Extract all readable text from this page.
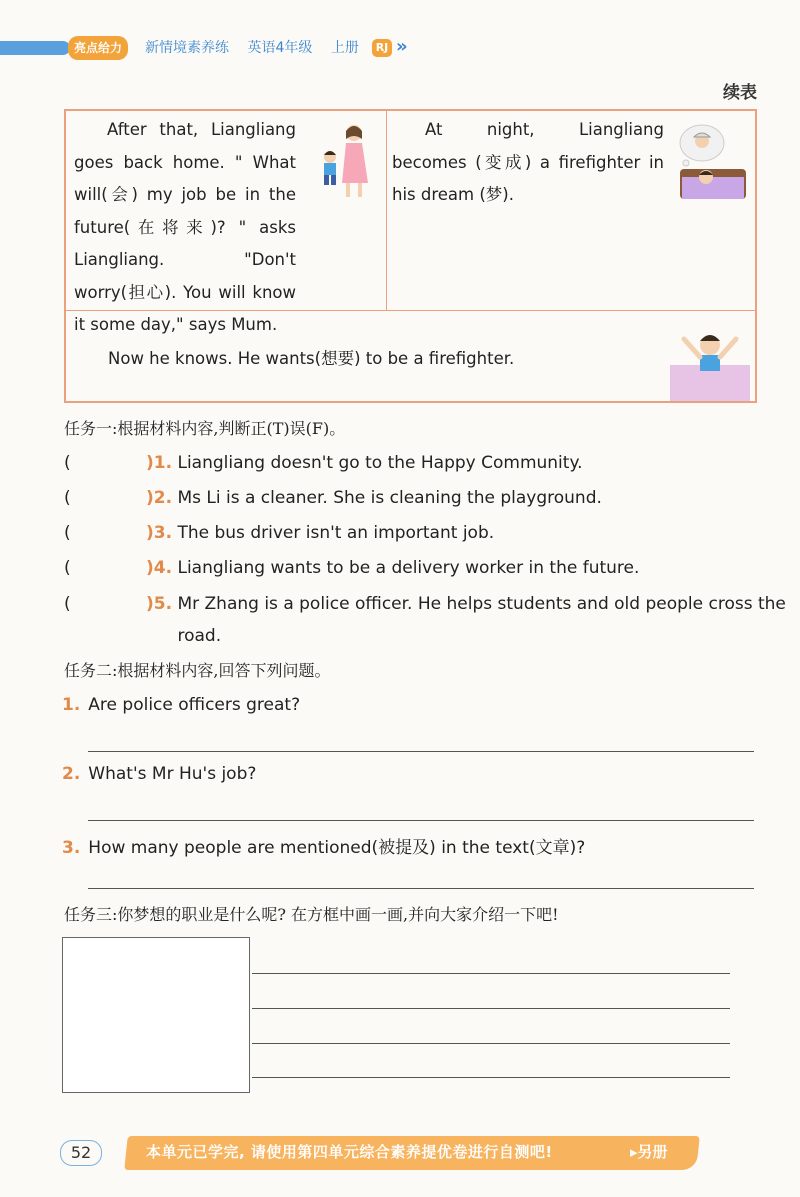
亮点给力	新情境素养练 英语4年级 上册	RJ »
续表
After that, Liangliang goes back home. " What will(会) my job be in the future(在将来)? " asks Liangliang. "Don't worry(担心). You will know it some day," says Mum.
At night, Liangliang becomes (变成) a firefighter in his dream (梦).
Now he knows. He wants(想要) to be a firefighter.
任务一:根据材料内容,判断正(T)误(F)。
(	)1. Liangliang doesn't go to the Happy Community.
(	)2. Ms Li is a cleaner. She is cleaning the playground.
(	)3. The bus driver isn't an important job.
(	)4. Liangliang wants to be a delivery worker in the future.
(	)5. Mr Zhang is a police officer. He helps students and old people cross the road.
任务二:根据材料内容,回答下列问题。
1. Are police officers great?
2. What's Mr Hu's job?
3. How many people are mentioned(被提及) in the text(文章)?
任务三:你梦想的职业是什么呢? 在方框中画一画,并向大家介绍一下吧!
52	本单元已学完, 请使用第四单元综合素养提优卷进行自测吧!	▸另册
